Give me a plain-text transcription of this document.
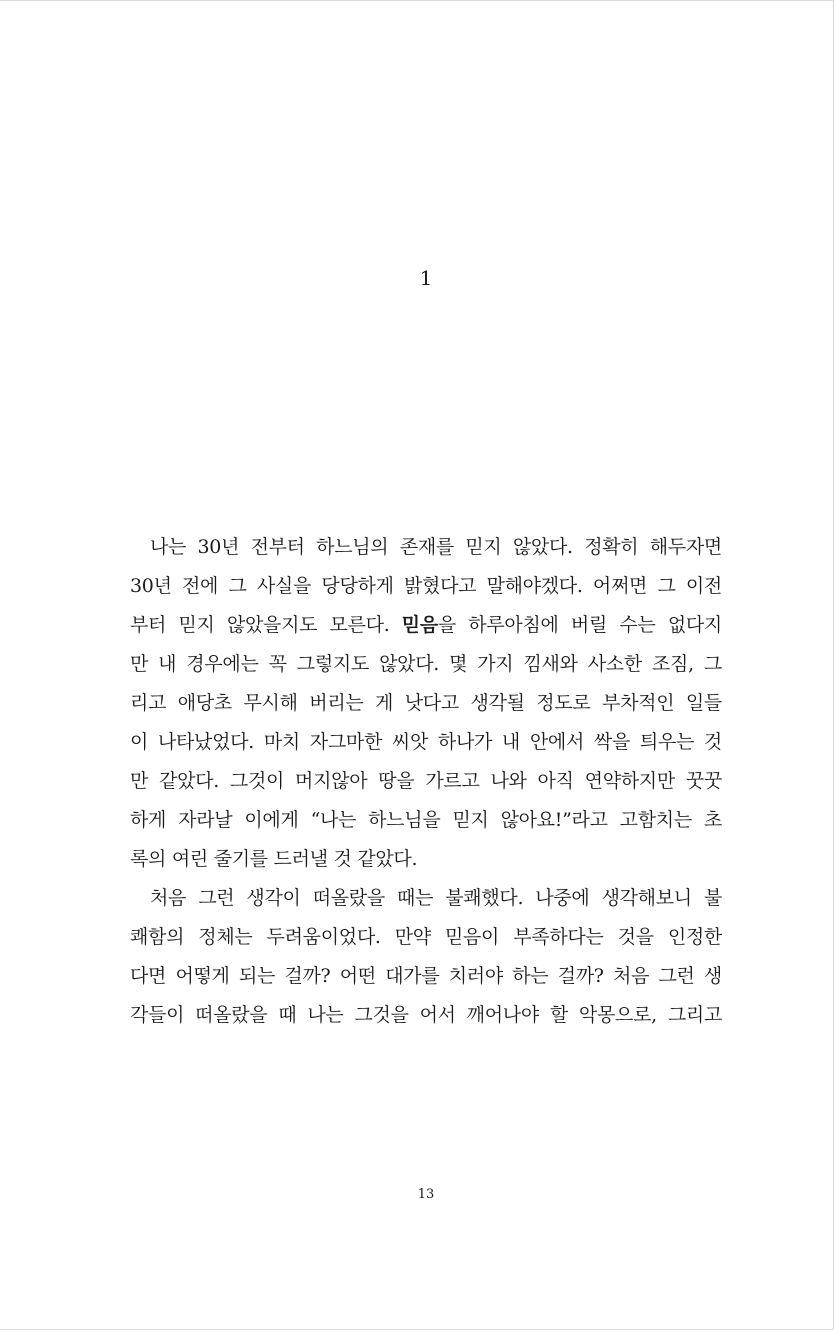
1
나는 30년 전부터 하느님의 존재를 믿지 않았다. 정확히 해두자면
30년 전에 그 사실을 당당하게 밝혔다고 말해야겠다. 어쩌면 그 이전
부터 믿지 않았을지도 모른다. 믿음을 하루아침에 버릴 수는 없다지
만 내 경우에는 꼭 그렇지도 않았다. 몇 가지 낌새와 사소한 조짐, 그
리고 애당초 무시해 버리는 게 낫다고 생각될 정도로 부차적인 일들
이 나타났었다. 마치 자그마한 씨앗 하나가 내 안에서 싹을 틔우는 것
만 같았다. 그것이 머지않아 땅을 가르고 나와 아직 연약하지만 꿋꿋
하게 자라날 이에게 “나는 하느님을 믿지 않아요!”라고 고함치는 초
록의 여린 줄기를 드러낼 것 같았다.
처음 그런 생각이 떠올랐을 때는 불쾌했다. 나중에 생각해보니 불
쾌함의 정체는 두려움이었다. 만약 믿음이 부족하다는 것을 인정한
다면 어떻게 되는 걸까? 어떤 대가를 치러야 하는 걸까? 처음 그런 생
각들이 떠올랐을 때 나는 그것을 어서 깨어나야 할 악몽으로, 그리고
13
